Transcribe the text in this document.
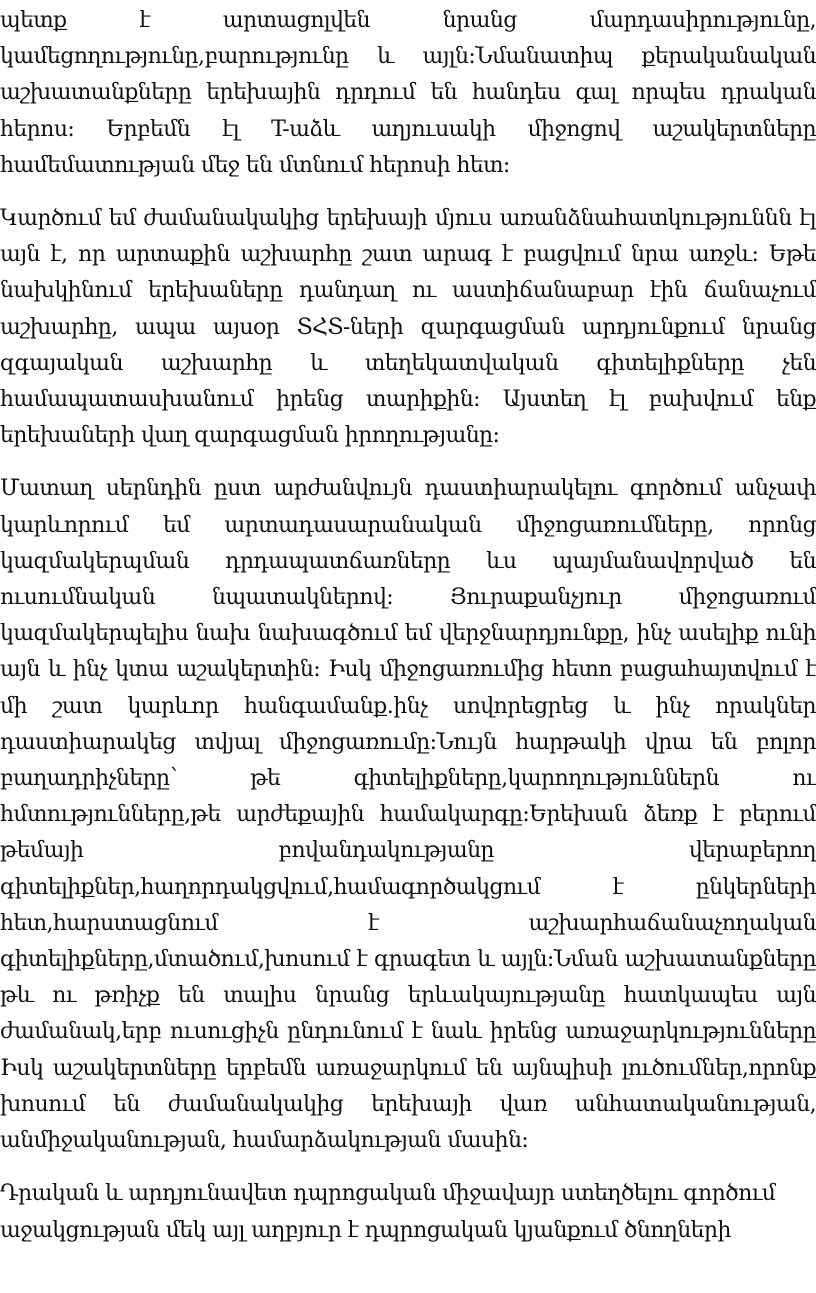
պետք է արտացոլվեն նրանց մարդասիրությունը,
կամեցողությունը,բարությունը և այլն:Նմանատիպ քերականական
աշխատանքները երեխային դրդում են հանդես գալ որպես դրական
հերոս: Երբեմն էլ T-աձև աղյուսակի միջոցով աշակերտները
համեմատության մեջ են մտնում հերոսի հետ:

Կարծում եմ ժամանակակից երեխայի մյուս առանձնահատկություննն էլ
այն է, որ արտաքին աշխարհը շատ արագ է բացվում նրա առջև: Եթե
նախկինում երեխաները դանդաղ ու աստիճանաբար էին ճանաչում
աշխարհը, ապա այսօր ՏՀՏ-ների զարգացման արդյունքում նրանց
զգայական աշխարհը և տեղեկատվական գիտելիքները չեն
համապատասխանում իրենց տարիքին: Այստեղ էլ բախվում ենք
երեխաների վաղ զարգացման իրողությանը:

Մատաղ սերնդին ըստ արժանվույն դաստիարակելու գործում անչափ
կարևորում եմ արտադասարանական միջոցառումները, որոնց
կազմակերպման դրդապատճառները ևս պայմանավորված են
ուսումնական նպատակներով: Յուրաքանչյուր միջոցառում
կազմակերպելիս նախ նախագծում եմ վերջնարդյունքը, ինչ ասելիք ունի
այն և ինչ կտա աշակերտին: Իսկ միջոցառումից հետո բացահայտվում է
մի շատ կարևոր հանգամանք․ինչ սովորեցրեց և ինչ որակներ
դաստիարակեց տվյալ միջոցառումը:Նույն հարթակի վրա են բոլոր
բաղադրիչները՝ թե գիտելիքները,կարողություններն ու
հմտությունները,թե արժեքային համակարգը:Երեխան ձեռք է բերում
թեմայի բովանդակությանը վերաբերող
գիտելիքներ,հաղորդակցվում,համագործակցում է ընկերների
հետ,հարստացնում է աշխարհաճանաչողական
գիտելիքները,մտածում,խոսում է գրագետ և այլն:Նման աշխատանքները
թև ու թռիչք են տալիս նրանց երևակայությանը հատկապես այն
ժամանակ,երբ ուսուցիչն ընդունում է նաև իրենց առաջարկությունները
Իսկ աշակերտները երբեմն առաջարկում են այնպիսի լուծումներ,որոնք
խոսում են ժամանակակից երեխայի վառ անհատականության,
անմիջականության, համարձակության մասին:

Դրական և արդյունավետ դպրոցական միջավայր ստեղծելու գործում
աջակցության մեկ այլ աղբյուր է դպրոցական կյանքում ծնողների
